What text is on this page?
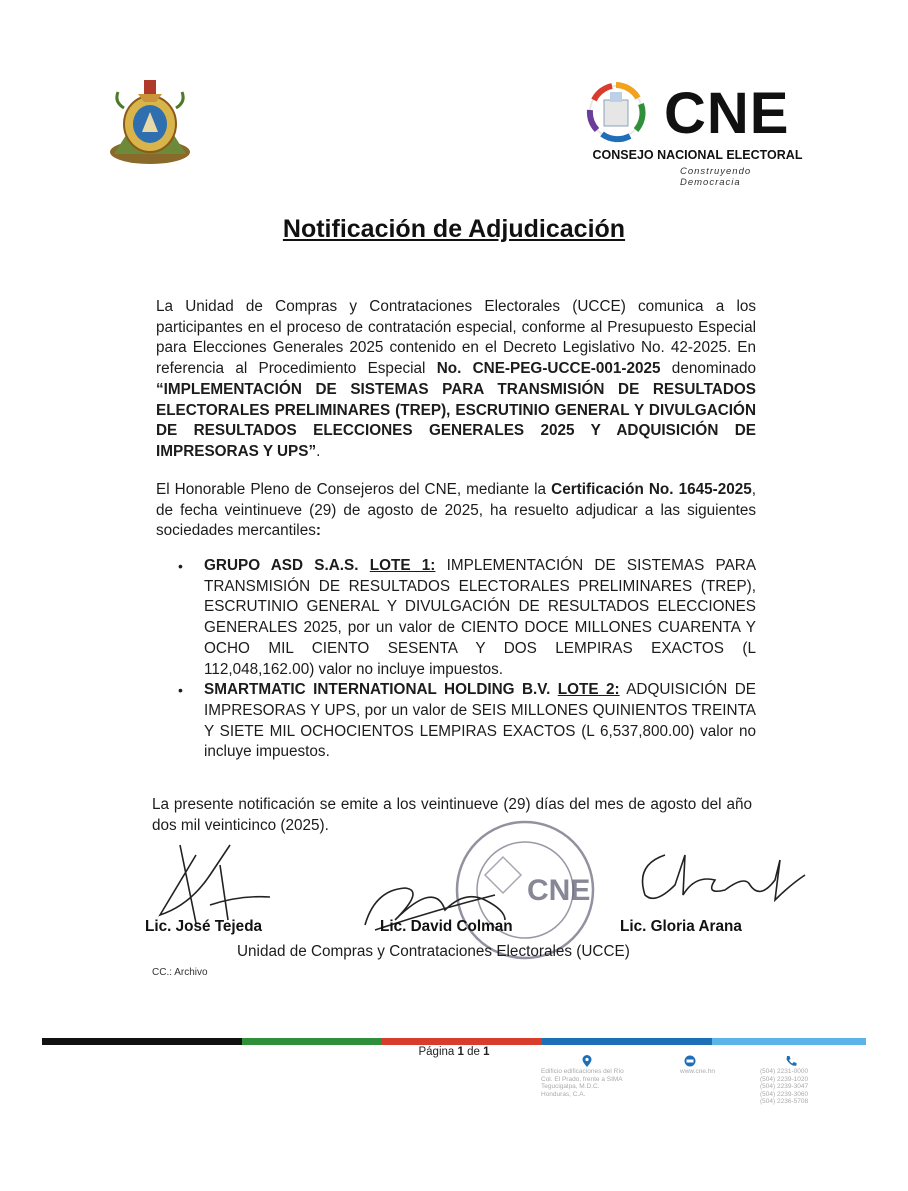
CNE
CONSEJO NACIONAL ELECTORAL
Construyendo Democracia
Notificación de Adjudicación
La Unidad de Compras y Contrataciones Electorales (UCCE) comunica a los participantes en el proceso de contratación especial, conforme al Presupuesto Especial para Elecciones Generales 2025 contenido en el Decreto Legislativo No. 42-2025. En referencia al Procedimiento Especial No. CNE-PEG-UCCE-001-2025 denominado “IMPLEMENTACIÓN DE SISTEMAS PARA TRANSMISIÓN DE RESULTADOS ELECTORALES PRELIMINARES (TREP), ESCRUTINIO GENERAL Y DIVULGACIÓN DE RESULTADOS ELECCIONES GENERALES 2025 Y ADQUISICIÓN DE IMPRESORAS Y UPS”.
El Honorable Pleno de Consejeros del CNE, mediante la Certificación No. 1645-2025, de fecha veintinueve (29) de agosto de 2025, ha resuelto adjudicar a las siguientes sociedades mercantiles:
• GRUPO ASD S.A.S. LOTE 1: IMPLEMENTACIÓN DE SISTEMAS PARA TRANSMISIÓN DE RESULTADOS ELECTORALES PRELIMINARES (TREP), ESCRUTINIO GENERAL Y DIVULGACIÓN DE RESULTADOS ELECCIONES GENERALES 2025, por un valor de CIENTO DOCE MILLONES CUARENTA Y OCHO MIL CIENTO SESENTA Y DOS LEMPIRAS EXACTOS (L 112,048,162.00) valor no incluye impuestos.
• SMARTMATIC INTERNATIONAL HOLDING B.V. LOTE 2: ADQUISICIÓN DE IMPRESORAS Y UPS, por un valor de SEIS MILLONES QUINIENTOS TREINTA Y SIETE MIL OCHOCIENTOS LEMPIRAS EXACTOS (L 6,537,800.00) valor no incluye impuestos.
La presente notificación se emite a los veintinueve (29) días del mes de agosto del año dos mil veinticinco (2025).
CNE
Lic. José Tejeda	Lic. David Colman	Lic. Gloria Arana
Unidad de Compras y Contrataciones Electorales (UCCE)
CC.: Archivo
Página 1 de 1
Edificio edificaciones del Río
Col. El Prado, frente a SIMA
Tegucigalpa, M.D.C.
Honduras, C.A.
www.cne.hn	(504) 2231-0000
(504) 2239-1020
(504) 2239-3047
(504) 2239-3060
(504) 2236-5708
